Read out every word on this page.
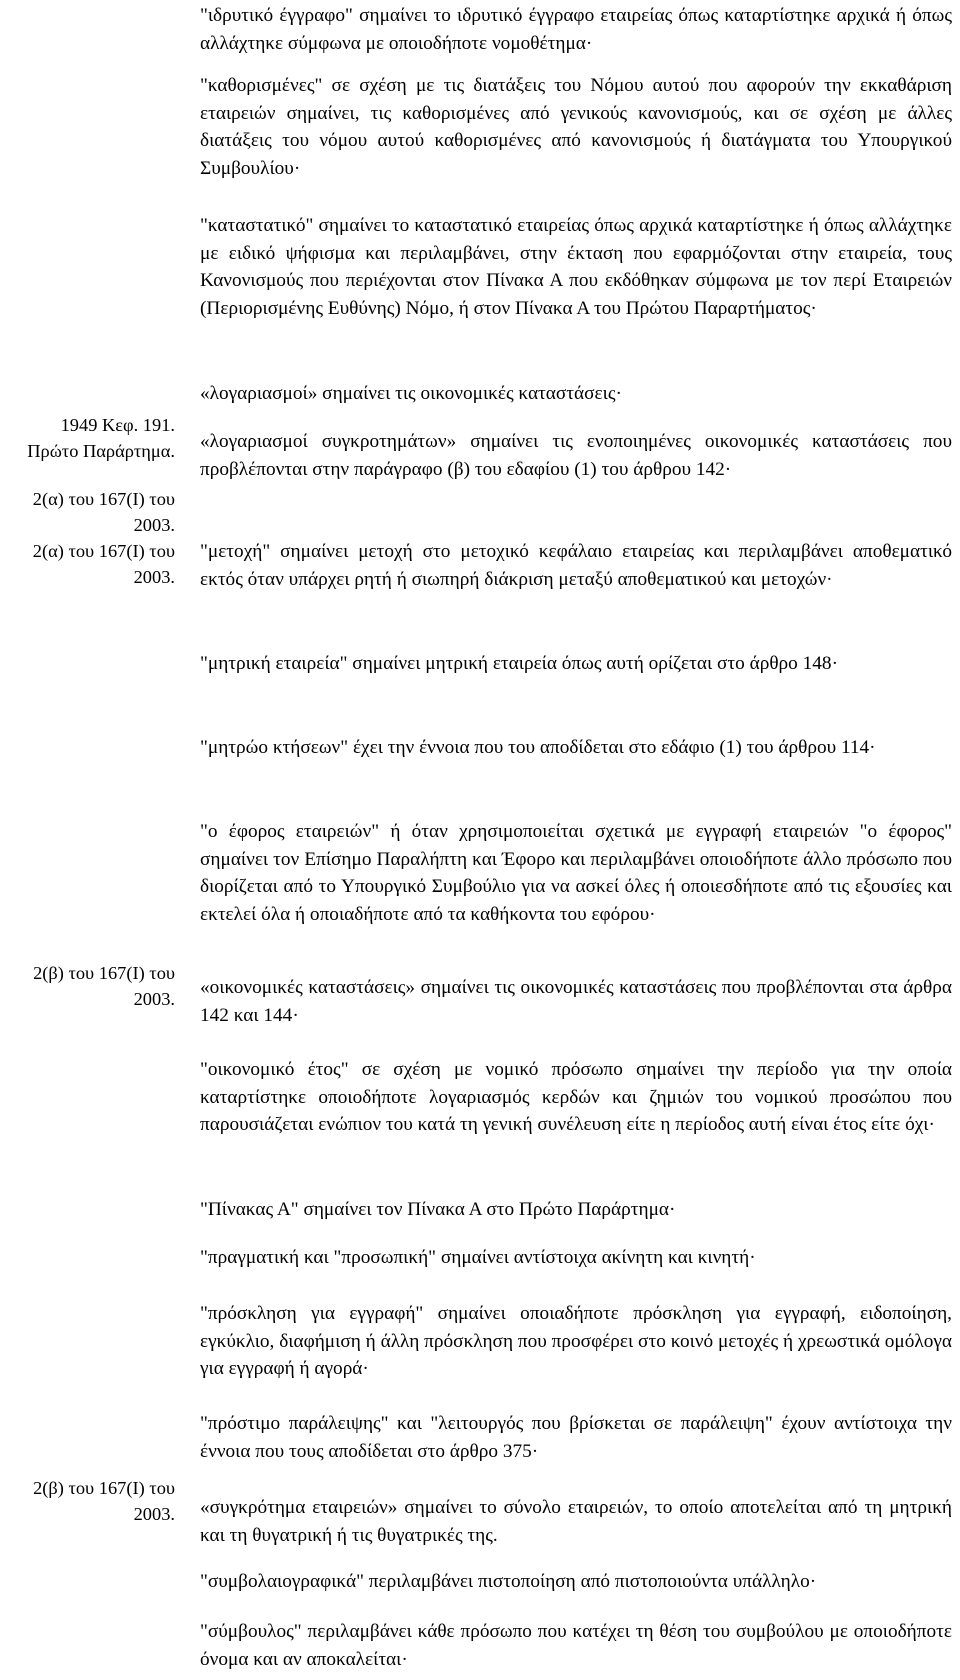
1949 Κεφ. 191.
Πρώτο Παράρτημα.
2(α) του 167(Ι) του
2003.
2(α) του 167(Ι) του
2003.
2(β) του 167(Ι) του
2003.
2(β) του 167(Ι) του
2003.

"ιδρυτικό έγγραφο" σημαίνει το ιδρυτικό έγγραφο εταιρείας όπως καταρτίστηκε αρχικά ή όπως αλλάχτηκε σύμφωνα με οποιοδήποτε νομοθέτημα·

"καθορισμένες" σε σχέση με τις διατάξεις του Νόμου αυτού που αφορούν την εκκαθάριση εταιρειών σημαίνει, τις καθορισμένες από γενικούς κανονισμούς, και σε σχέση με άλλες διατάξεις του νόμου αυτού καθορισμένες από κανονισμούς ή διατάγματα του Υπουργικού Συμβουλίου·

"καταστατικό" σημαίνει το καταστατικό εταιρείας όπως αρχικά καταρτίστηκε ή όπως αλλάχτηκε με ειδικό ψήφισμα και περιλαμβάνει, στην έκταση που εφαρμόζονται στην εταιρεία, τους Κανονισμούς που περιέχονται στον Πίνακα Α που εκδόθηκαν σύμφωνα με τον περί Εταιρειών (Περιορισμένης Ευθύνης) Νόμο, ή στον Πίνακα Α του Πρώτου Παραρτήματος·

«λογαριασμοί» σημαίνει τις οικονομικές καταστάσεις·

«λογαριασμοί συγκροτημάτων» σημαίνει τις ενοποιημένες οικονομικές καταστάσεις που προβλέπονται στην παράγραφο (β) του εδαφίου (1) του άρθρου 142·

"μετοχή" σημαίνει μετοχή στο μετοχικό κεφάλαιο εταιρείας και περιλαμβάνει αποθεματικό εκτός όταν υπάρχει ρητή ή σιωπηρή διάκριση μεταξύ αποθεματικού και μετοχών·

"μητρική εταιρεία" σημαίνει μητρική εταιρεία όπως αυτή ορίζεται στο άρθρο 148·

"μητρώο κτήσεων" έχει την έννοια που του αποδίδεται στο εδάφιο (1) του άρθρου 114·

"ο έφορος εταιρειών" ή όταν χρησιμοποιείται σχετικά με εγγραφή εταιρειών "ο έφορος" σημαίνει τον Επίσημο Παραλήπτη και Έφορο και περιλαμβάνει οποιοδήποτε άλλο πρόσωπο που διορίζεται από το Υπουργικό Συμβούλιο για να ασκεί όλες ή οποιεσδήποτε από τις εξουσίες και εκτελεί όλα ή οποιαδήποτε από τα καθήκοντα του εφόρου·

«οικονομικές καταστάσεις» σημαίνει τις οικονομικές καταστάσεις που προβλέπονται στα άρθρα 142 και 144·

"οικονομικό έτος" σε σχέση με νομικό πρόσωπο σημαίνει την περίοδο για την οποία καταρτίστηκε οποιοδήποτε λογαριασμός κερδών και ζημιών του νομικού προσώπου που παρουσιάζεται ενώπιον του κατά τη γενική συνέλευση είτε η περίοδος αυτή είναι έτος είτε όχι·

"Πίνακας Α" σημαίνει τον Πίνακα Α στο Πρώτο Παράρτημα·

"πραγματική και "προσωπική" σημαίνει αντίστοιχα ακίνητη και κινητή·

"πρόσκληση για εγγραφή" σημαίνει οποιαδήποτε πρόσκληση για εγγραφή, ειδοποίηση, εγκύκλιο, διαφήμιση ή άλλη πρόσκληση που προσφέρει στο κοινό μετοχές ή χρεωστικά ομόλογα για εγγραφή ή αγορά·

"πρόστιμο παράλειψης" και "λειτουργός που βρίσκεται σε παράλειψη" έχουν αντίστοιχα την έννοια που τους αποδίδεται στο άρθρο 375·

«συγκρότημα εταιρειών» σημαίνει το σύνολο εταιρειών, το οποίο αποτελείται από τη μητρική και τη θυγατρική ή τις θυγατρικές της.

"συμβολαιογραφικά" περιλαμβάνει πιστοποίηση από πιστοποιούντα υπάλληλο·

"σύμβουλος" περιλαμβάνει κάθε πρόσωπο που κατέχει τη θέση του συμβούλου με οποιοδήποτε όνομα και αν αποκαλείται·
